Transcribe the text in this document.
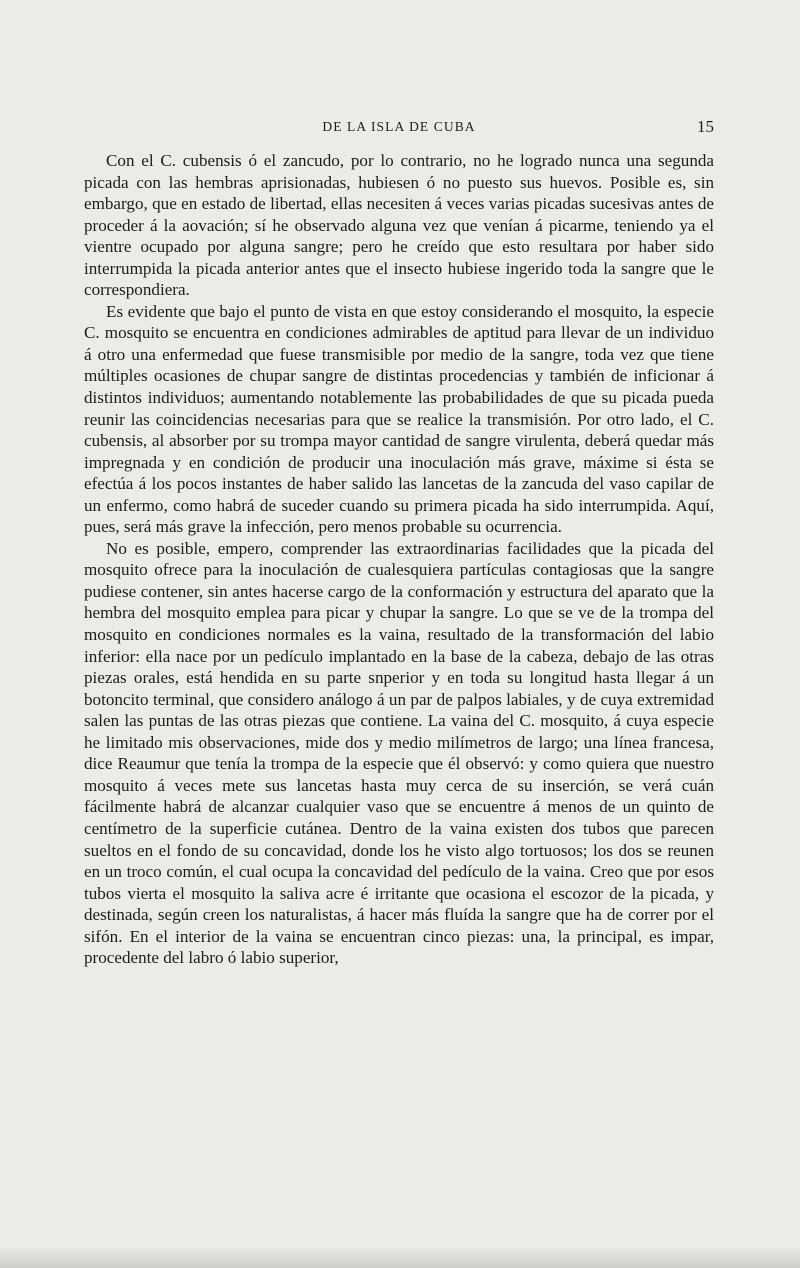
DE LA ISLA DE CUBA	15

Con el C. cubensis ó el zancudo, por lo contrario, no he logrado nunca una segunda picada con las hembras aprisionadas, hubiesen ó no puesto sus huevos. Posible es, sin embargo, que en estado de libertad, ellas necesiten á veces varias picadas sucesivas antes de proceder á la aovación; sí he observado alguna vez que venían á picarme, teniendo ya el vientre ocupado por alguna sangre; pero he creído que esto resultara por haber sido interrumpida la picada anterior antes que el insecto hubiese ingerido toda la sangre que le correspondiera.

Es evidente que bajo el punto de vista en que estoy considerando el mosquito, la especie C. mosquito se encuentra en condiciones admirables de aptitud para llevar de un individuo á otro una enfermedad que fuese transmisible por medio de la sangre, toda vez que tiene múltiples ocasiones de chupar sangre de distintas procedencias y también de inficionar á distintos individuos; aumentando notablemente las probabilidades de que su picada pueda reunir las coincidencias necesarias para que se realice la transmisión. Por otro lado, el C. cubensis, al absorber por su trompa mayor cantidad de sangre virulenta, deberá quedar más impregnada y en condición de producir una inoculación más grave, máxime si ésta se efectúa á los pocos instantes de haber salido las lancetas de la zancuda del vaso capilar de un enfermo, como habrá de suceder cuando su primera picada ha sido interrumpida. Aquí, pues, será más grave la infección, pero menos probable su ocurrencia.

No es posible, empero, comprender las extraordinarias facilidades que la picada del mosquito ofrece para la inoculación de cualesquiera partículas contagiosas que la sangre pudiese contener, sin antes hacerse cargo de la conformación y estructura del aparato que la hembra del mosquito emplea para picar y chupar la sangre. Lo que se ve de la trompa del mosquito en condiciones normales es la vaina, resultado de la transformación del labio inferior: ella nace por un pedículo implantado en la base de la cabeza, debajo de las otras piezas orales, está hendida en su parte snperior y en toda su longitud hasta llegar á un botoncito terminal, que considero análogo á un par de palpos labiales, y de cuya extremidad salen las puntas de las otras piezas que contiene. La vaina del C. mosquito, á cuya especie he limitado mis observaciones, mide dos y medio milímetros de largo; una línea francesa, dice Reaumur que tenía la trompa de la especie que él observó: y como quiera que nuestro mosquito á veces mete sus lancetas hasta muy cerca de su inserción, se verá cuán fácilmente habrá de alcanzar cualquier vaso que se encuentre á menos de un quinto de centímetro de la superficie cutánea. Dentro de la vaina existen dos tubos que parecen sueltos en el fondo de su concavidad, donde los he visto algo tortuosos; los dos se reunen en un troco común, el cual ocupa la concavidad del pedículo de la vaina. Creo que por esos tubos vierta el mosquito la saliva acre é irritante que ocasiona el escozor de la picada, y destinada, según creen los naturalistas, á hacer más fluída la sangre que ha de correr por el sifón. En el interior de la vaina se encuentran cinco piezas: una, la principal, es impar, procedente del labro ó labio superior,
